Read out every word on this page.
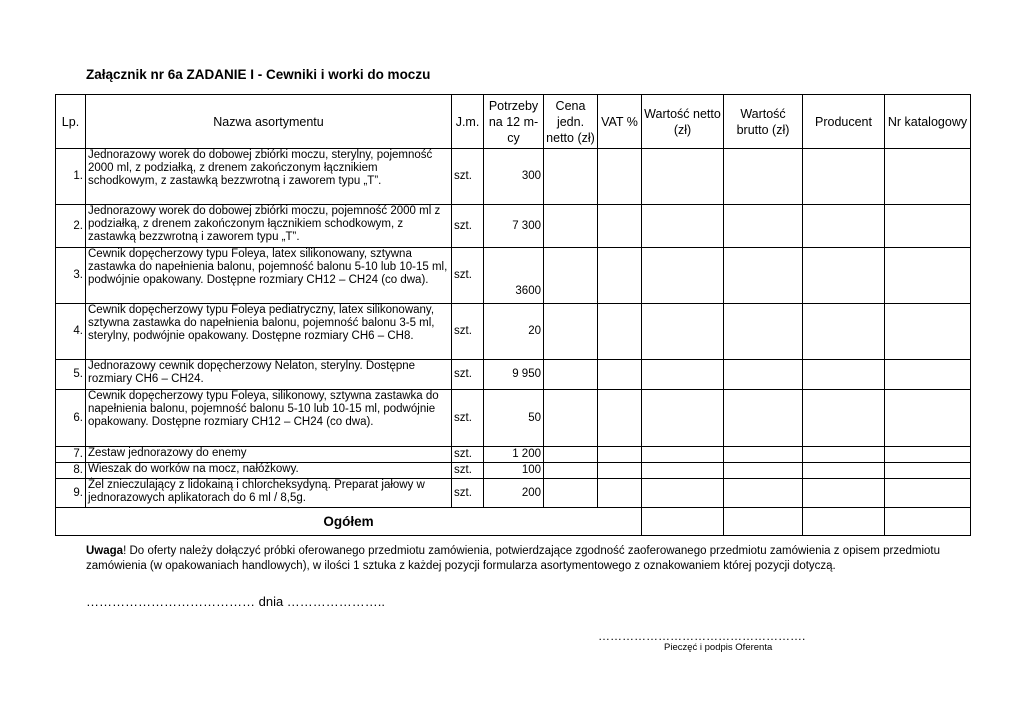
Załącznik nr 6a ZADANIE I - Cewniki i worki do moczu
Lp.	Nazwa asortymentu	J.m.	Potrzeby na 12 m-cy	Cena jedn. netto (zł)	VAT %	Wartość netto (zł)	Wartość brutto (zł)	Producent	Nr katalogowy
1.	Jednorazowy worek do dobowej zbiórki moczu, sterylny, pojemność 2000 ml, z podziałką, z drenem zakończonym łącznikiem schodkowym, z zastawką bezzwrotną i zaworem typu „T”.	szt.	300						
2.	Jednorazowy worek do dobowej zbiórki moczu, pojemność 2000 ml z podziałką, z drenem zakończonym łącznikiem schodkowym, z zastawką bezzwrotną i zaworem typu „T”.	szt.	7 300						
3.	Cewnik dopęcherzowy typu Foleya, latex silikonowany, sztywna zastawka do napełnienia balonu, pojemność balonu 5-10 lub 10-15 ml, podwójnie opakowany. Dostępne rozmiary CH12 – CH24 (co dwa).	szt.	3600						
4.	Cewnik dopęcherzowy typu Foleya pediatryczny, latex silikonowany, sztywna zastawka do napełnienia balonu, pojemność balonu 3-5 ml, sterylny, podwójnie opakowany. Dostępne rozmiary CH6 – CH8.	szt.	20						
5.	Jednorazowy cewnik dopęcherzowy Nelaton, sterylny. Dostępne rozmiary CH6 – CH24.	szt.	9 950						
6.	Cewnik dopęcherzowy typu Foleya, silikonowy, sztywna zastawka do napełnienia balonu, pojemność balonu 5-10 lub 10-15 ml, podwójnie opakowany. Dostępne rozmiary CH12 – CH24 (co dwa).	szt.	50						
7.	Zestaw jednorazowy do enemy	szt.	1 200						
8.	Wieszak do worków na mocz, nałóżkowy.	szt.	100						
9.	Żel znieczulający z lidokainą i chlorcheksydyną. Preparat jałowy w jednorazowych aplikatorach do 6 ml / 8,5g.	szt.	200						
Ogółem									
Uwaga! Do oferty należy dołączyć próbki oferowanego przedmiotu zamówienia, potwierdzające zgodność zaoferowanego przedmiotu zamówienia z opisem przedmiotu zamówienia (w opakowaniach handlowych), w ilości 1 sztuka z każdej pozycji formularza asortymentowego z oznakowaniem której pozycji dotyczą.
………………………………… dnia …………………..
…………………………………………….
Pieczęć i podpis Oferenta
